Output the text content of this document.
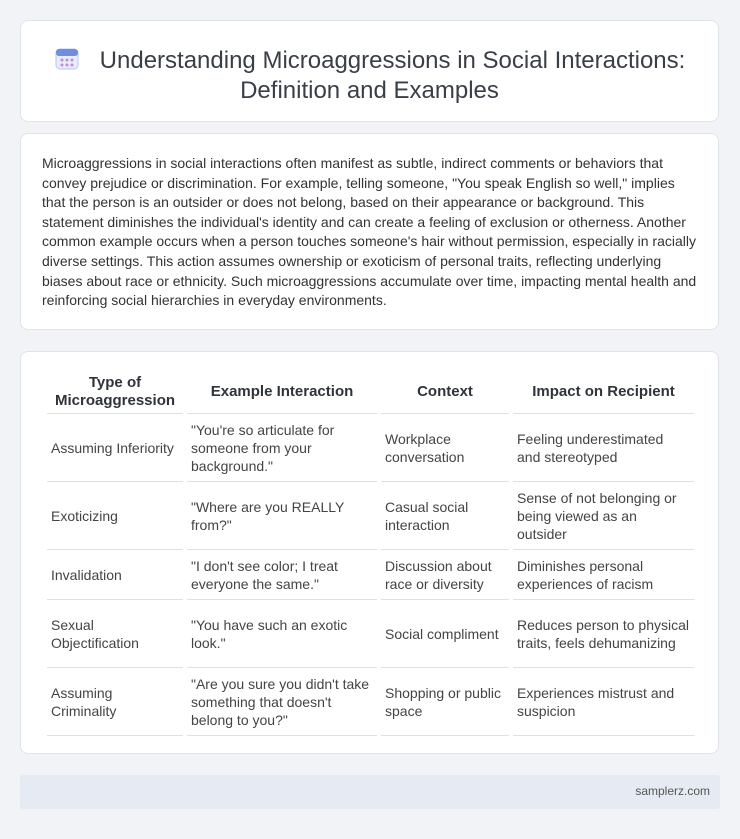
Understanding Microaggressions in Social Interactions:
Definition and Examples

Microaggressions in social interactions often manifest as subtle, indirect comments or behaviors that convey prejudice or discrimination. For example, telling someone, "You speak English so well," implies that the person is an outsider or does not belong, based on their appearance or background. This statement diminishes the individual's identity and can create a feeling of exclusion or otherness. Another common example occurs when a person touches someone's hair without permission, especially in racially diverse settings. This action assumes ownership or exoticism of personal traits, reflecting underlying biases about race or ethnicity. Such microaggressions accumulate over time, impacting mental health and reinforcing social hierarchies in everyday environments.

Type of Microaggression	Example Interaction	Context	Impact on Recipient
Assuming Inferiority	"You're so articulate for someone from your background."	Workplace conversation	Feeling underestimated and stereotyped
Exoticizing	"Where are you REALLY from?"	Casual social interaction	Sense of not belonging or being viewed as an outsider
Invalidation	"I don't see color; I treat everyone the same."	Discussion about race or diversity	Diminishes personal experiences of racism
Sexual Objectification	"You have such an exotic look."	Social compliment	Reduces person to physical traits, feels dehumanizing
Assuming Criminality	"Are you sure you didn't take something that doesn't belong to you?"	Shopping or public space	Experiences mistrust and suspicion
samplerz.com
